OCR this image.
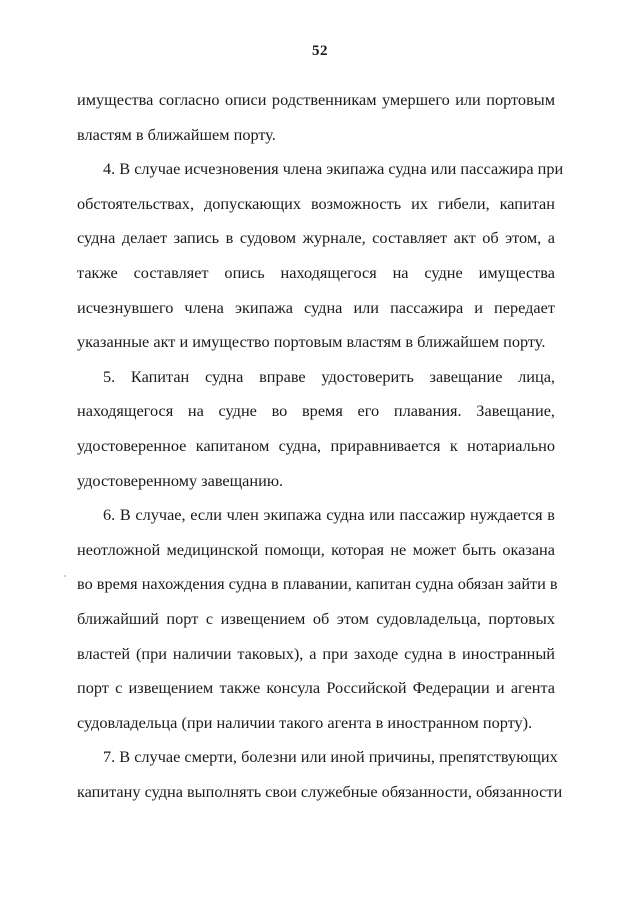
52
имущества согласно описи родственникам умершего или портовым
властям в ближайшем порту.
4. В случае исчезновения члена экипажа судна или пассажира при
обстоятельствах, допускающих возможность их гибели, капитан
судна делает запись в судовом журнале, составляет акт об этом, а
также составляет опись находящегося на судне имущества
исчезнувшего члена экипажа судна или пассажира и передает
указанные акт и имущество портовым властям в ближайшем порту.
5. Капитан судна вправе удостоверить завещание лица,
находящегося на судне во время его плавания. Завещание,
удостоверенное капитаном судна, приравнивается к нотариально
удостоверенному завещанию.
6. В случае, если член экипажа судна или пассажир нуждается в
неотложной медицинской помощи, которая не может быть оказана
во время нахождения судна в плавании, капитан судна обязан зайти в
ближайший порт с извещением об этом судовладельца, портовых
властей (при наличии таковых), а при заходе судна в иностранный
порт с извещением также консула Российской Федерации и агента
судовладельца (при наличии такого агента в иностранном порту).
7. В случае смерти, болезни или иной причины, препятствующих
капитану судна выполнять свои служебные обязанности, обязанности
